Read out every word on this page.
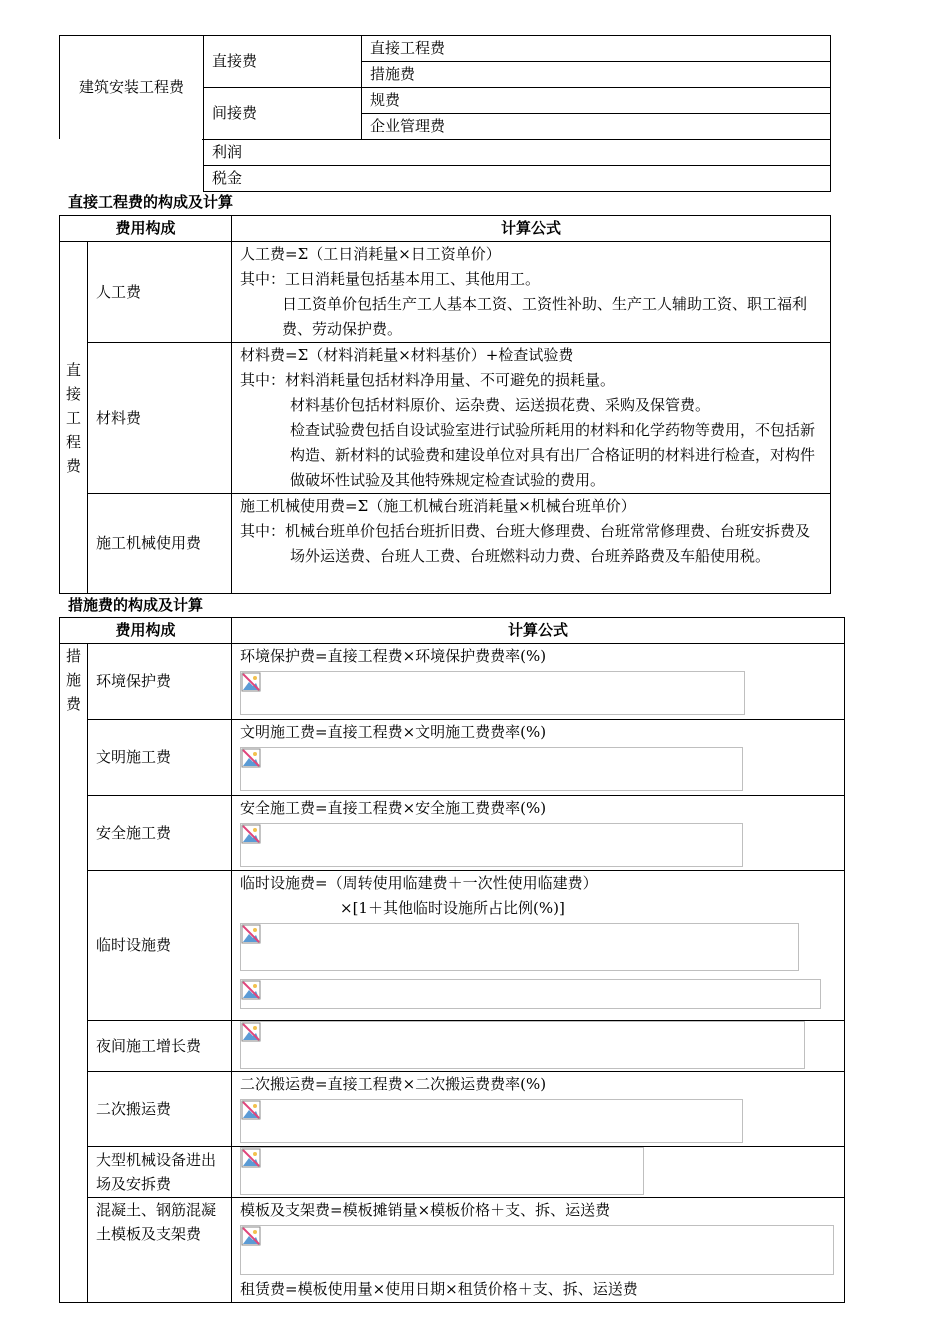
建筑安装工程费	直接费	直接工程费
		措施费
	间接费	规费
		企业管理费
	利润	
	税金	
直接工程费的构成及计算
费用构成		计算公式

直
接
工
程
费	人工费	人工费=Σ（工日消耗量×日工资单价）
其中：工日消耗量包括基本用工、其他用工。
日工资单价包括生产工人基本工资、工资性补助、生产工人辅助工资、职工福利费、劳动保护费。

	材料费	材料费=Σ（材料消耗量×材料基价）+检查试验费
其中：材料消耗量包括材料净用量、不可避免的损耗量。
材料基价包括材料原价、运杂费、运送损花费、采购及保管费。
检查试验费包括自设试验室进行试验所耗用的材料和化学药物等费用，不包括新构造、新材料的试验费和建设单位对具有出厂合格证明的材料进行检查，对构件做破坏性试验及其他特殊规定检查试验的费用。

	施工机械使用费	施工机械使用费=Σ（施工机械台班消耗量×机械台班单价）
其中：机械台班单价包括台班折旧费、台班大修理费、台班常常修理费、台班安拆费及场外运送费、台班人工费、台班燃料动力费、台班养路费及车船使用税。
措施费的构成及计算
费用构成		计算公式

措
施
费	环境保护费	环境保护费=直接工程费×环境保护费费率(%)

	文明施工费	文明施工费=直接工程费×文明施工费费率(%)

	安全施工费	安全施工费=直接工程费×安全施工费费率(%)

	临时设施费	临时设施费=（周转使用临建费＋一次性使用临建费）
×[1＋其他临时设施所占比例(%)]

	夜间施工增长费	

	二次搬运费	二次搬运费=直接工程费×二次搬运费费率(%)

	大型机械设备进出场及安拆费	

	混凝土、钢筋混凝土模板及支架费	模板及支架费=模板摊销量×模板价格＋支、拆、运送费
租赁费=模板使用量×使用日期×租赁价格＋支、拆、运送费
